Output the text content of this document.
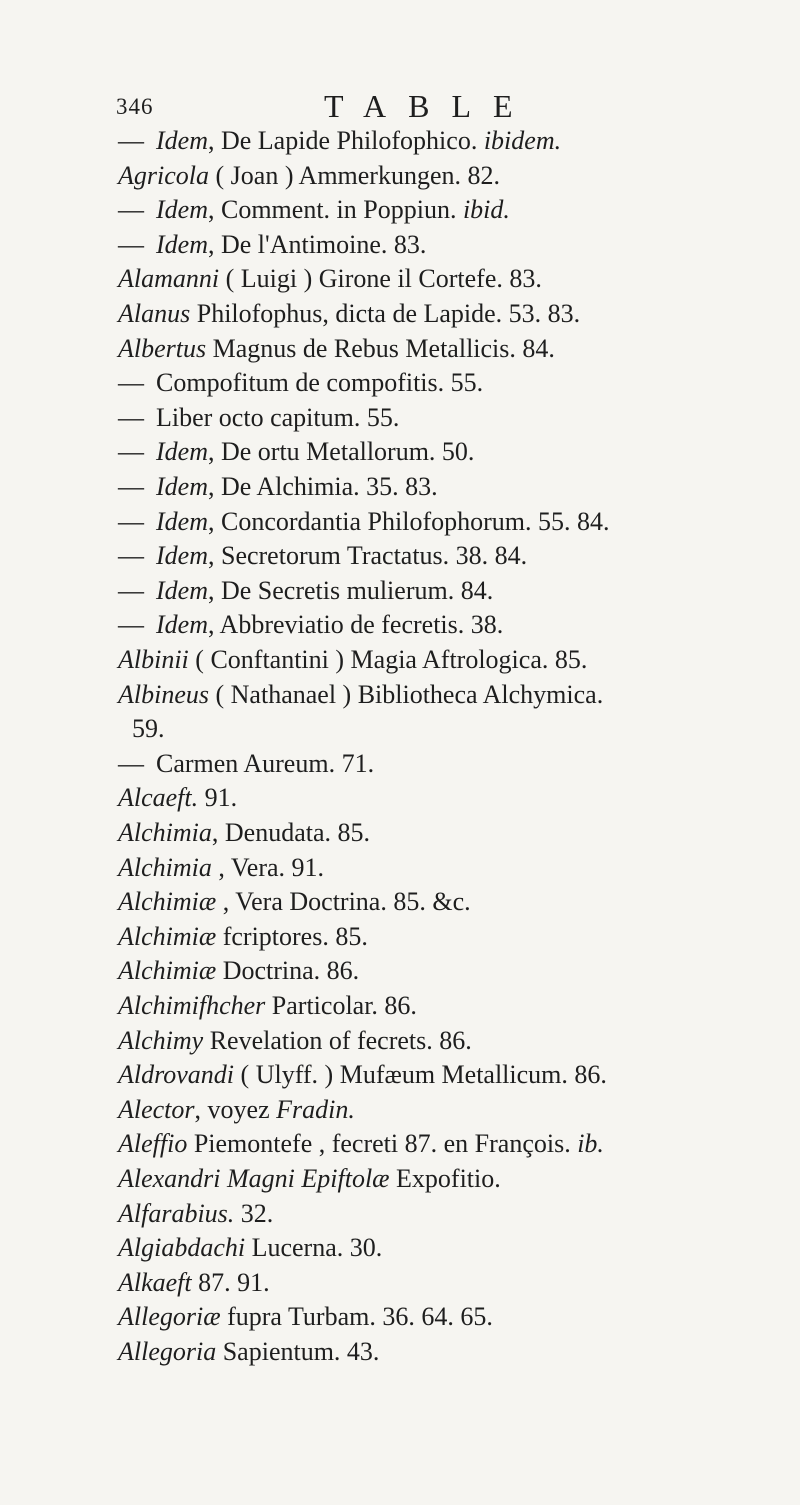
346	TABLE
— Idem, De Lapide Philofophico. ibidem.
Agricola ( Joan ) Ammerkungen. 82.
— Idem, Comment. in Poppiun. ibid.
— Idem, De l'Antimoine. 83.
Alamanni ( Luigi ) Girone il Cortefe. 83.
Alanus Philofophus, dicta de Lapide. 53. 83.
Albertus Magnus de Rebus Metallicis. 84.
— Compofitum de compofitis. 55.
— Liber octo capitum. 55.
— Idem, De ortu Metallorum. 50.
— Idem, De Alchimia. 35. 83.
— Idem, Concordantia Philofophorum. 55. 84.
— Idem, Secretorum Tractatus. 38. 84.
— Idem, De Secretis mulierum. 84.
— Idem, Abbreviatio de fecretis. 38.
Albinii ( Conftantini ) Magia Aftrologica. 85.
Albineus ( Nathanael ) Bibliotheca Alchymica.
59.
— Carmen Aureum. 71.
Alcaeft. 91.
Alchimia, Denudata. 85.
Alchimia , Vera. 91.
Alchimiæ , Vera Doctrina. 85. &c.
Alchimiæ fcriptores. 85.
Alchimiæ Doctrina. 86.
Alchimifhcher Particolar. 86.
Alchimy Revelation of fecrets. 86.
Aldrovandi ( Ulyff. ) Mufæum Metallicum. 86.
Alector, voyez Fradin.
Aleffio Piemontefe , fecreti 87. en François. ib.
Alexandri Magni Epiftolæ Expofitio.
Alfarabius. 32.
Algiabdachi Lucerna. 30.
Alkaeft 87. 91.
Allegoriæ fupra Turbam. 36. 64. 65.
Allegoria Sapientum. 43.
